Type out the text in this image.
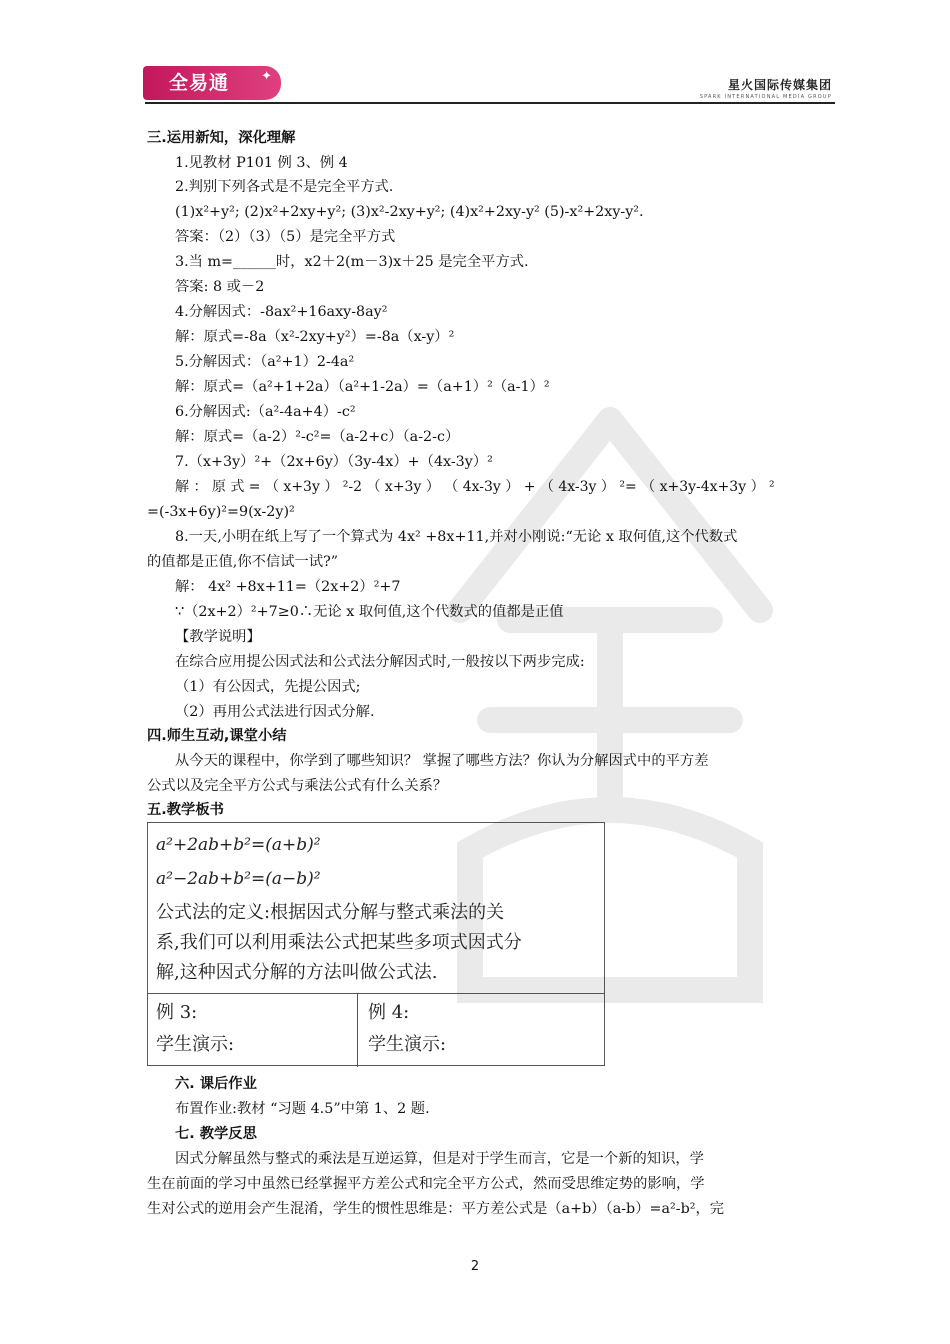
全易通 ✦
星火国际传媒集团
SPARK INTERNATIONAL MEDIA GROUP
三.运用新知，深化理解
1.见教材 P101 例 3、例 4
2.判别下列各式是不是完全平方式.
(1)x²+y²; (2)x²+2xy+y²; (3)x²-2xy+y²; (4)x²+2xy-y² (5)-x²+2xy-y².
答案：（2）（3）（5）是完全平方式
3.当 m=______时，x2＋2(m－3)x＋25 是完全平方式.
答案: 8 或－2
4.分解因式：-8ax²+16axy-8ay²
解：原式=-8a（x²-2xy+y²）=-8a（x-y）²
5.分解因式：（a²+1）2-4a²
解：原式=（a²+1+2a）（a²+1-2a）=（a+1）²（a-1）²
6.分解因式:（a²-4a+4）-c²
解：原式=（a-2）²-c²=（a-2+c）（a-2-c）
7.（x+3y）²+（2x+6y）（3y-4x）+（4x-3y）²
解 ： 原 式 = （ x+3y ） ²-2 （ x+3y ） （ 4x-3y ） + （ 4x-3y ） ²= （ x+3y-4x+3y ） ²
=(-3x+6y)²=9(x-2y)²
8.一天,小明在纸上写了一个算式为 4x² +8x+11,并对小刚说:“无论 x 取何值,这个代数式
的值都是正值,你不信试一试?”
解： 4x² +8x+11=（2x+2）²+7
∵（2x+2）²+7≥0∴无论 x 取何值,这个代数式的值都是正值
【教学说明】
在综合应用提公因式法和公式法分解因式时,一般按以下两步完成:
（1）有公因式，先提公因式;
（2）再用公式法进行因式分解.
四.师生互动,课堂小结
从今天的课程中，你学到了哪些知识？ 掌握了哪些方法？你认为分解因式中的平方差
公式以及完全平方公式与乘法公式有什么关系？
五.教学板书
a²+2ab+b²=(a+b)²
a²−2ab+b²=(a−b)²
公式法的定义:根据因式分解与整式乘法的关
系,我们可以利用乘法公式把某些多项式因式分
解,这种因式分解的方法叫做公式法.
例 3:
学生演示:
例 4:
学生演示:
六. 课后作业
布置作业:教材 “习题 4.5”中第 1、2 题.
七. 教学反思
因式分解虽然与整式的乘法是互逆运算，但是对于学生而言，它是一个新的知识，学
生在前面的学习中虽然已经掌握平方差公式和完全平方公式，然而受思维定势的影响，学
生对公式的逆用会产生混淆，学生的惯性思维是：平方差公式是（a+b）（a-b）=a²-b²，完
2
